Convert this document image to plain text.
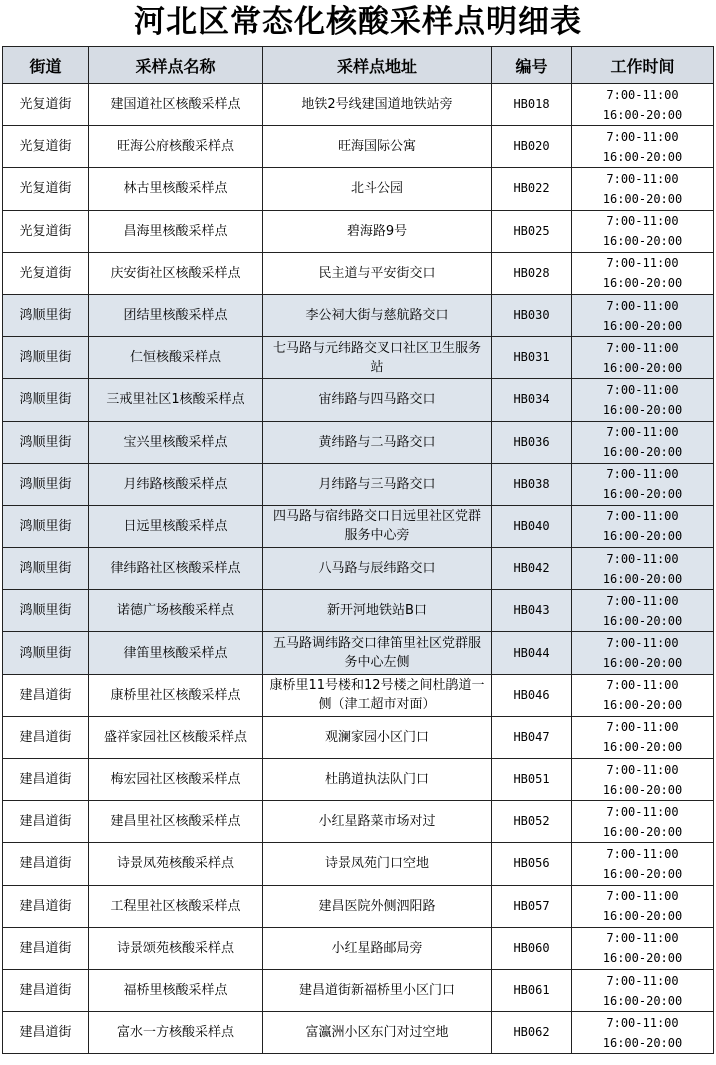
河北区常态化核酸采样点明细表
街道	采样点名称	采样点地址	编号	工作时间
光复道街	建国道社区核酸采样点	地铁2号线建国道地铁站旁	HB018	7:00-11:00
16:00-20:00

光复道街	旺海公府核酸采样点	旺海国际公寓	HB020	7:00-11:00
16:00-20:00

光复道街	林古里核酸采样点	北斗公园	HB022	7:00-11:00
16:00-20:00

光复道街	昌海里核酸采样点	碧海路9号	HB025	7:00-11:00
16:00-20:00

光复道街	庆安街社区核酸采样点	民主道与平安街交口	HB028	7:00-11:00
16:00-20:00

鸿顺里街	团结里核酸采样点	李公祠大街与慈航路交口	HB030	7:00-11:00
16:00-20:00

鸿顺里街	仁恒核酸采样点	七马路与元纬路交叉口社区卫生服务站	HB031	7:00-11:00
16:00-20:00

鸿顺里街	三戒里社区1核酸采样点	宙纬路与四马路交口	HB034	7:00-11:00
16:00-20:00

鸿顺里街	宝兴里核酸采样点	黄纬路与二马路交口	HB036	7:00-11:00
16:00-20:00

鸿顺里街	月纬路核酸采样点	月纬路与三马路交口	HB038	7:00-11:00
16:00-20:00

鸿顺里街	日远里核酸采样点	四马路与宿纬路交口日远里社区党群服务中心旁	HB040	7:00-11:00
16:00-20:00

鸿顺里街	律纬路社区核酸采样点	八马路与辰纬路交口	HB042	7:00-11:00
16:00-20:00

鸿顺里街	诺德广场核酸采样点	新开河地铁站B口	HB043	7:00-11:00
16:00-20:00

鸿顺里街	律笛里核酸采样点	五马路调纬路交口律笛里社区党群服务中心左侧	HB044	7:00-11:00
16:00-20:00

建昌道街	康桥里社区核酸采样点	康桥里11号楼和12号楼之间杜鹃道一侧（津工超市对面）	HB046	7:00-11:00
16:00-20:00

建昌道街	盛祥家园社区核酸采样点	观澜家园小区门口	HB047	7:00-11:00
16:00-20:00

建昌道街	梅宏园社区核酸采样点	杜鹃道执法队门口	HB051	7:00-11:00
16:00-20:00

建昌道街	建昌里社区核酸采样点	小红星路菜市场对过	HB052	7:00-11:00
16:00-20:00

建昌道街	诗景凤苑核酸采样点	诗景凤苑门口空地	HB056	7:00-11:00
16:00-20:00

建昌道街	工程里社区核酸采样点	建昌医院外侧泗阳路	HB057	7:00-11:00
16:00-20:00

建昌道街	诗景颂苑核酸采样点	小红星路邮局旁	HB060	7:00-11:00
16:00-20:00

建昌道街	福桥里核酸采样点	建昌道街新福桥里小区门口	HB061	7:00-11:00
16:00-20:00

建昌道街	富水一方核酸采样点	富瀛洲小区东门对过空地	HB062	7:00-11:00
16:00-20:00
